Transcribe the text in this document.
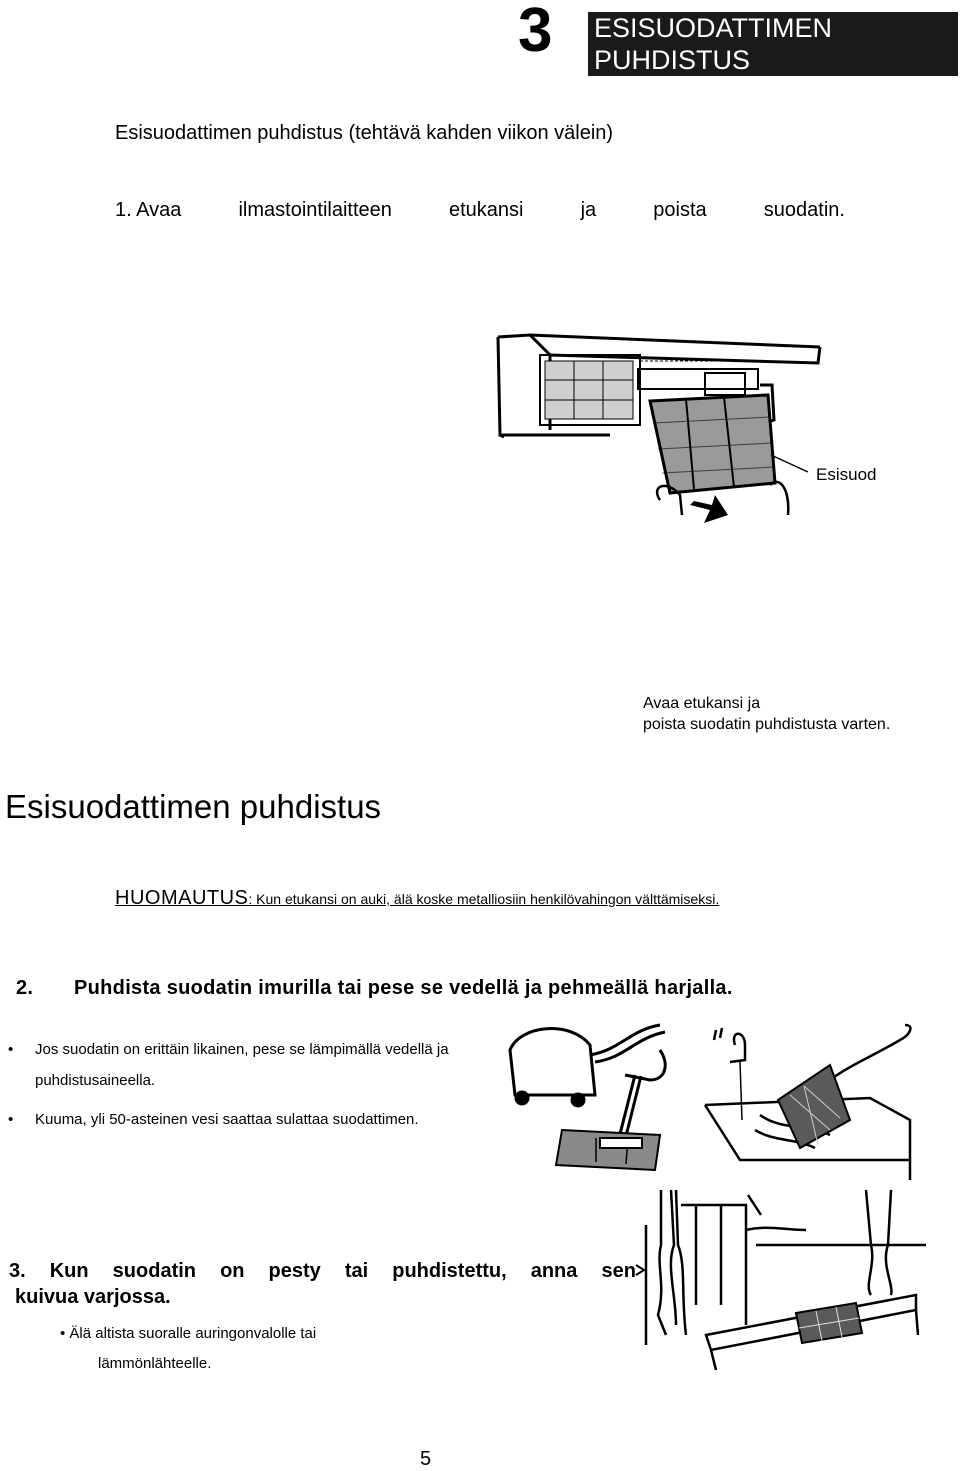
3 ESISUODATTIMEN PUHDISTUS
Esisuodattimen puhdistus (tehtävä kahden viikon välein)
1. Avaa	ilmastointilaitteen	etukansi	ja	poista	suodatin.
Esisuod
Avaa etukansi ja
poista suodatin puhdistusta varten.
Esisuodattimen puhdistus
HUOMAUTUS: Kun etukansi on auki, älä koske metalliosiin henkilövahingon välttämiseksi.
2. Puhdista suodatin imurilla tai pese se vedellä ja pehmeällä harjalla.
• Jos suodatin on erittäin likainen, pese se lämpimällä vedellä ja
puhdistusaineella.
• Kuuma, yli 50-asteinen vesi saattaa sulattaa suodattimen.
3. Kun suodatin on pesty tai puhdistettu, anna sen
kuivua varjossa.
• Älä altista suoralle auringonvalolle tai
lämmönlähteelle.
5
